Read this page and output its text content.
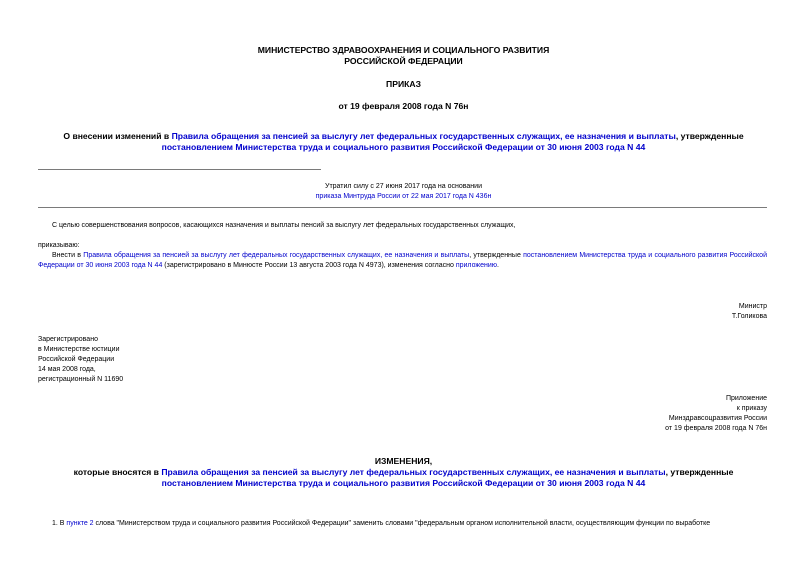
МИНИСТЕРСТВО ЗДРАВООХРАНЕНИЯ И СОЦИАЛЬНОГО РАЗВИТИЯ
РОССИЙСКОЙ ФЕДЕРАЦИИ
ПРИКАЗ
от 19 февраля 2008 года N 76н
О внесении изменений в Правила обращения за пенсией за выслугу лет федеральных государственных служащих, ее назначения и выплаты, утвержденные
постановлением Министерства труда и социального развития Российской Федерации от 30 июня 2003 года N 44
Утратил силу с 27 июня 2017 года на основании
приказа Минтруда России от 22 мая 2017 года N 436н
С целью совершенствования вопросов, касающихся назначения и выплаты пенсий за выслугу лет федеральных государственных служащих,
приказываю:
Внести в Правила обращения за пенсией за выслугу лет федеральных государственных служащих, ее назначения и выплаты, утвержденные постановлением Министерства труда и социального развития Российской Федерации от 30 июня 2003 года N 44 (зарегистрировано в Минюсте России 13 августа 2003 года N 4973), изменения согласно приложению.
Министр
Т.Голикова
Зарегистрировано
в Министерстве юстиции
Российской Федерации
14 мая 2008 года,
регистрационный N 11690
Приложение
к приказу
Минздравсоцразвития России
от 19 февраля 2008 года N 76н
ИЗМЕНЕНИЯ,
которые вносятся в Правила обращения за пенсией за выслугу лет федеральных государственных служащих, ее назначения и выплаты, утвержденные
постановлением Министерства труда и социального развития Российской Федерации от 30 июня 2003 года N 44
1. В пункте 2 слова "Министерством труда и социального развития Российской Федерации" заменить словами "федеральным органом исполнительной власти, осуществляющим функции по выработке
